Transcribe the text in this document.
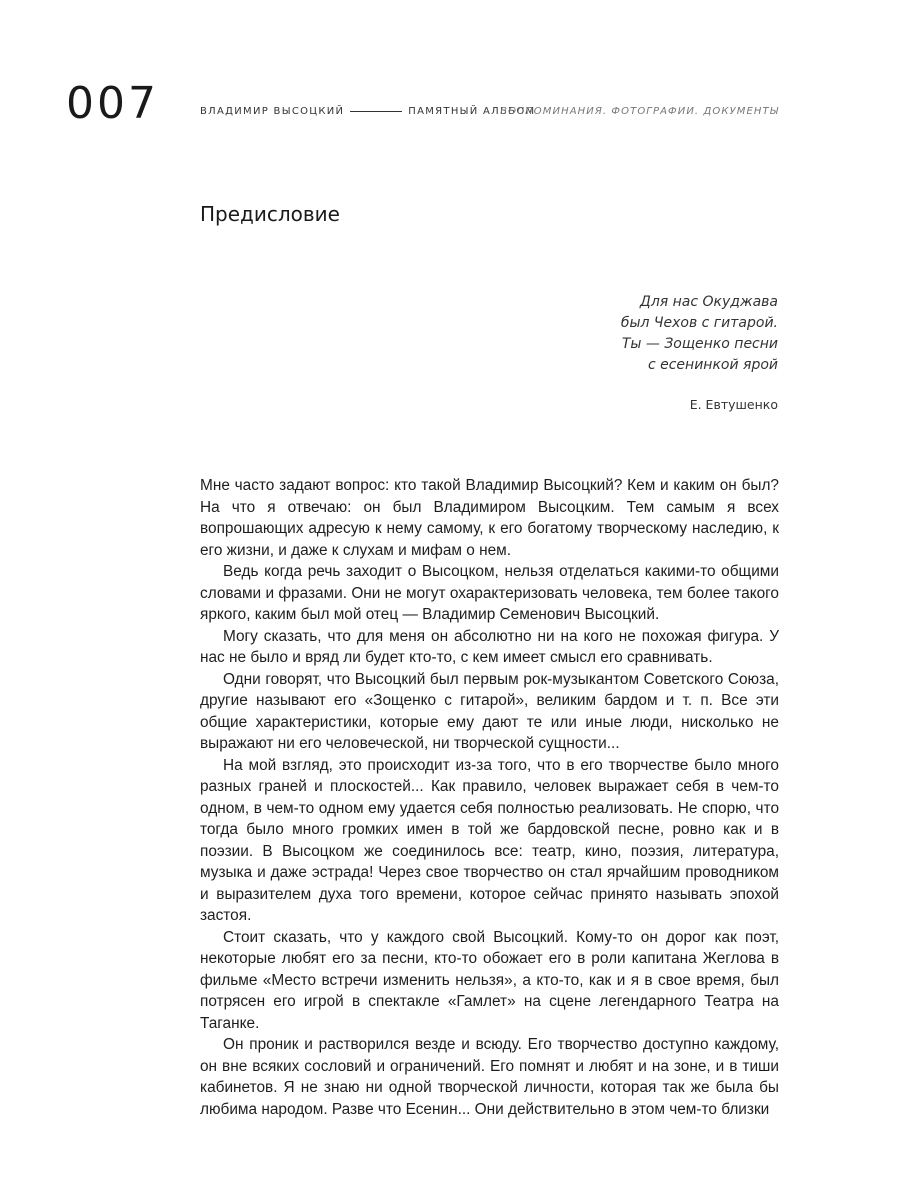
007	ВЛАДИМИР ВЫСОЦКИЙ	ПАМЯТНЫЙ АЛЬБОМ
ВОСПОМИНАНИЯ. ФОТОГРАФИИ. ДОКУМЕНТЫ
Предисловие
Для нас Окуджава
был Чехов с гитарой.
Ты — Зощенко песни
с есенинкой ярой
Е. Евтушенко

Мне часто задают вопрос: кто такой Владимир Высоцкий? Кем и каким он был? На что я отвечаю: он был Владимиром Высоцким. Тем самым я всех вопрошающих адресую к нему самому, к его богатому творческому наследию, к его жизни, и даже к слухам и мифам о нем.

Ведь когда речь заходит о Высоцком, нельзя отделаться какими-то общими словами и фразами. Они не могут охарактеризовать человека, тем более такого яркого, каким был мой отец — Владимир Семенович Высоцкий.

Могу сказать, что для меня он абсолютно ни на кого не похожая фигура. У нас не было и вряд ли будет кто-то, с кем имеет смысл его сравнивать.

Одни говорят, что Высоцкий был первым рок-музыкантом Советского Союза, другие называют его «Зощенко с гитарой», великим бардом и т. п. Все эти общие характеристики, которые ему дают те или иные люди, нисколько не выражают ни его человеческой, ни творческой сущности...

На мой взгляд, это происходит из-за того, что в его творчестве было много разных граней и плоскостей... Как правило, человек выражает себя в чем-то одном, в чем-то одном ему удается себя полностью реализовать. Не спорю, что тогда было много громких имен в той же бардовской песне, ровно как и в поэзии. В Высоцком же соединилось все: театр, кино, поэзия, литература, музыка и даже эстрада! Через свое творчество он стал ярчайшим проводником и выразителем духа того времени, которое сейчас принято называть эпохой застоя.

Стоит сказать, что у каждого свой Высоцкий. Кому-то он дорог как поэт, некоторые любят его за песни, кто-то обожает его в роли капитана Жеглова в фильме «Место встречи изменить нельзя», а кто-то, как и я в свое время, был потрясен его игрой в спектакле «Гамлет» на сцене легендарного Театра на Таганке.

Он проник и растворился везде и всюду. Его творчество доступно каждому, он вне всяких сословий и ограничений. Его помнят и любят и на зоне, и в тиши кабинетов. Я не знаю ни одной творческой личности, которая так же была бы любима народом. Разве что Есенин... Они действительно в этом чем-то близки
